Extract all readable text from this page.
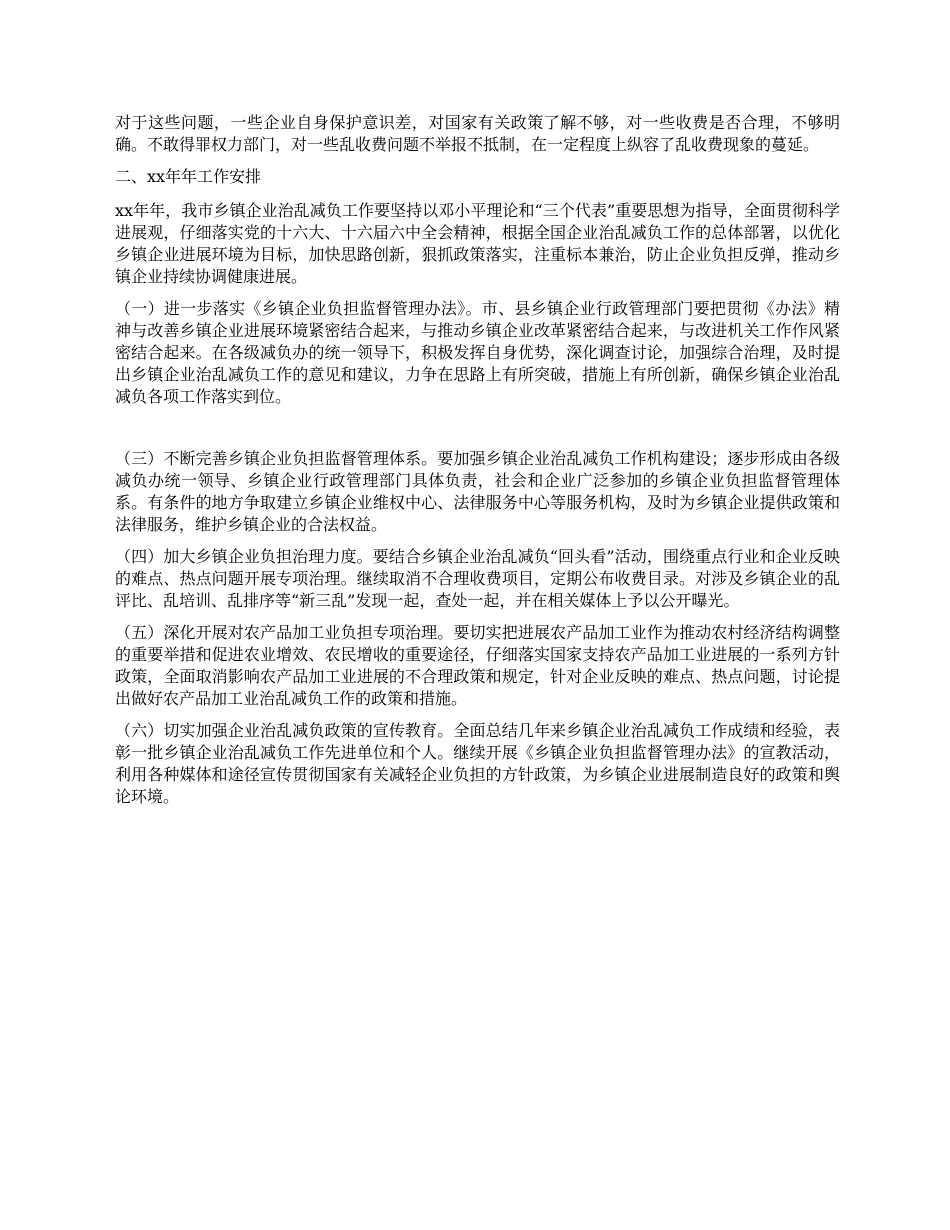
对于这些问题，一些企业自身保护意识差，对国家有关政策了解不够，对一些收费是否合理，不够明确。不敢得罪权力部门，对一些乱收费问题不举报不抵制，在一定程度上纵容了乱收费现象的蔓延。

二、xx年年工作安排

xx年年，我市乡镇企业治乱减负工作要坚持以邓小平理论和“三个代表”重要思想为指导，全面贯彻科学进展观，仔细落实党的十六大、十六届六中全会精神，根据全国企业治乱减负工作的总体部署，以优化乡镇企业进展环境为目标，加快思路创新，狠抓政策落实，注重标本兼治，防止企业负担反弹，推动乡镇企业持续协调健康进展。

（一）进一步落实《乡镇企业负担监督管理办法》。市、县乡镇企业行政管理部门要把贯彻《办法》精神与改善乡镇企业进展环境紧密结合起来，与推动乡镇企业改革紧密结合起来，与改进机关工作作风紧密结合起来。在各级减负办的统一领导下，积极发挥自身优势，深化调查讨论，加强综合治理，及时提出乡镇企业治乱减负工作的意见和建议，力争在思路上有所突破，措施上有所创新，确保乡镇企业治乱减负各项工作落实到位。

（三）不断完善乡镇企业负担监督管理体系。要加强乡镇企业治乱减负工作机构建设；逐步形成由各级减负办统一领导、乡镇企业行政管理部门具体负责，社会和企业广泛参加的乡镇企业负担监督管理体系。有条件的地方争取建立乡镇企业维权中心、法律服务中心等服务机构，及时为乡镇企业提供政策和法律服务，维护乡镇企业的合法权益。

（四）加大乡镇企业负担治理力度。要结合乡镇企业治乱减负“回头看”活动，围绕重点行业和企业反映的难点、热点问题开展专项治理。继续取消不合理收费项目，定期公布收费目录。对涉及乡镇企业的乱评比、乱培训、乱排序等“新三乱”发现一起，查处一起，并在相关媒体上予以公开曝光。

（五）深化开展对农产品加工业负担专项治理。要切实把进展农产品加工业作为推动农村经济结构调整的重要举措和促进农业增效、农民增收的重要途径，仔细落实国家支持农产品加工业进展的一系列方针政策，全面取消影响农产品加工业进展的不合理政策和规定，针对企业反映的难点、热点问题，讨论提出做好农产品加工业治乱减负工作的政策和措施。

（六）切实加强企业治乱减负政策的宣传教育。全面总结几年来乡镇企业治乱减负工作成绩和经验，表彰一批乡镇企业治乱减负工作先进单位和个人。继续开展《乡镇企业负担监督管理办法》的宣教活动，利用各种媒体和途径宣传贯彻国家有关减轻企业负担的方针政策，为乡镇企业进展制造良好的政策和舆论环境。
